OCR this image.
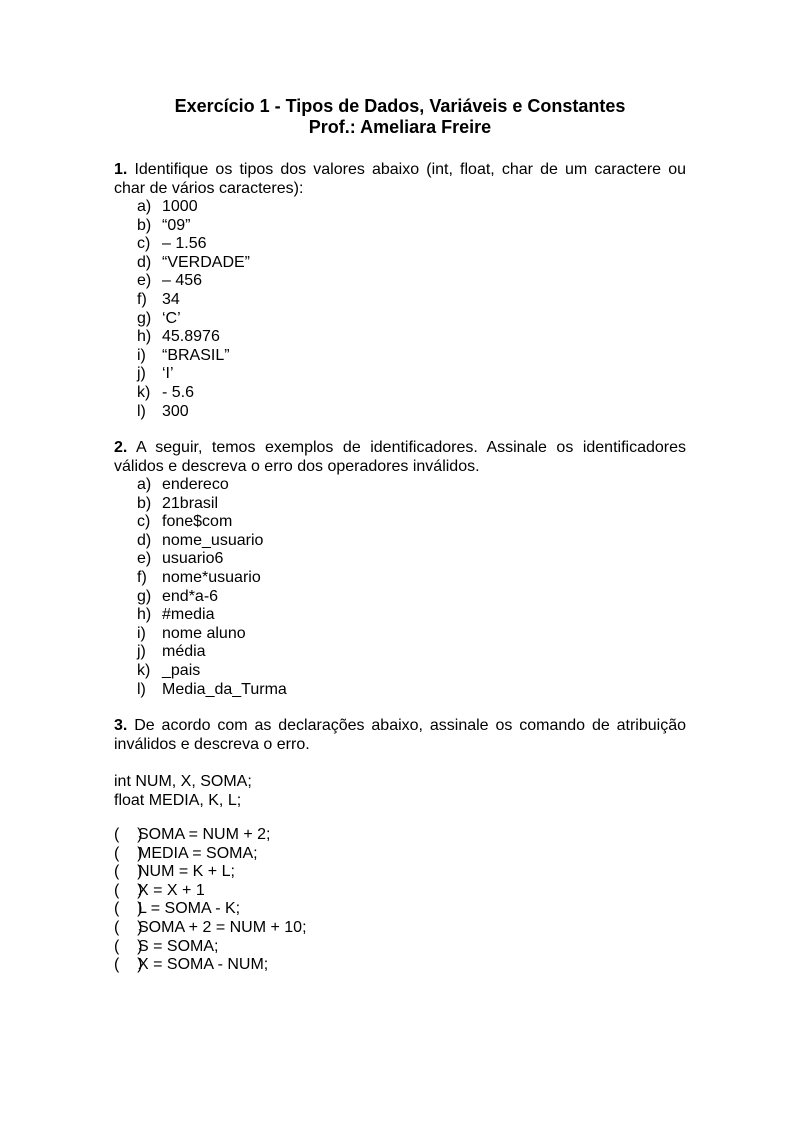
Exercício 1 - Tipos de Dados, Variáveis e Constantes
Prof.: Ameliara Freire
1. Identifique os tipos dos valores abaixo (int, float, char de um caractere ou char de vários caracteres):
a) 1000
b) “09”
c) – 1.56
d) “VERDADE”
e) – 456
f) 34
g) ‘C’
h) 45.8976
i)	“BRASIL”
j)	‘I’
k) - 5.6
l)	300
2. A seguir, temos exemplos de identificadores. Assinale os identificadores válidos e descreva o erro dos operadores inválidos.
a) endereco
b) 21brasil
c) fone$com
d) nome_usuario
e) usuario6
f) nome*usuario
g) end*a-6
h) #media
i)	nome aluno
j)	média
k) _pais
l)	Media_da_Turma
3. De acordo com as declarações abaixo, assinale os comando de atribuição inválidos e descreva o erro.
int NUM, X, SOMA;
float MEDIA, K, L;
(    )
SOMA = NUM + 2;
(    )
MEDIA = SOMA;
(    )
NUM = K + L;
(    )
X = X + 1
(    )
L = SOMA - K;
(    )
SOMA + 2 = NUM + 10;
(    )
S = SOMA;
(    )
X = SOMA - NUM;
